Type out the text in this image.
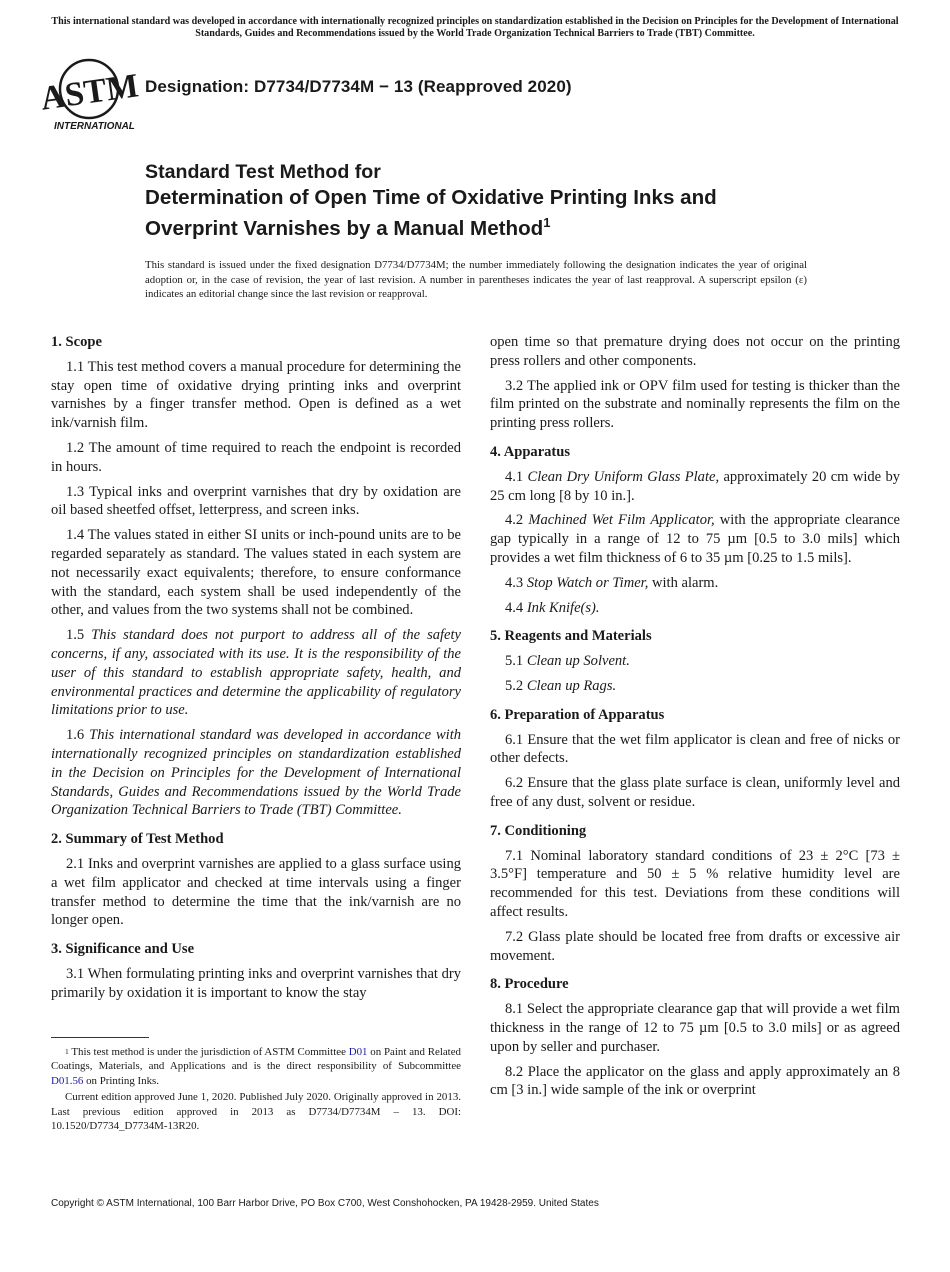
This international standard was developed in accordance with internationally recognized principles on standardization established in the Decision on Principles for the Development of International Standards, Guides and Recommendations issued by the World Trade Organization Technical Barriers to Trade (TBT) Committee.
ASTM
INTERNATIONAL
Designation: D7734/D7734M − 13 (Reapproved 2020)
Standard Test Method for
Determination of Open Time of Oxidative Printing Inks and
Overprint Varnishes by a Manual Method$^1$
This standard is issued under the fixed designation D7734/D7734M; the number immediately following the designation indicates the year of original adoption or, in the case of revision, the year of last revision. A number in parentheses indicates the year of last reapproval. A superscript epsilon (ε) indicates an editorial change since the last revision or reapproval.
1. Scope

1.1 This test method covers a manual procedure for determining the stay open time of oxidative drying printing inks and overprint varnishes by a finger transfer method. Open is defined as a wet ink/varnish film.

1.2 The amount of time required to reach the endpoint is recorded in hours.

1.3 Typical inks and overprint varnishes that dry by oxidation are oil based sheetfed offset, letterpress, and screen inks.

1.4 The values stated in either SI units or inch-pound units are to be regarded separately as standard. The values stated in each system are not necessarily exact equivalents; therefore, to ensure conformance with the standard, each system shall be used independently of the other, and values from the two systems shall not be combined.

1.5 This standard does not purport to address all of the safety concerns, if any, associated with its use. It is the responsibility of the user of this standard to establish appropriate safety, health, and environmental practices and determine the applicability of regulatory limitations prior to use.

1.6 This international standard was developed in accordance with internationally recognized principles on standardization established in the Decision on Principles for the Development of International Standards, Guides and Recommendations issued by the World Trade Organization Technical Barriers to Trade (TBT) Committee.

2. Summary of Test Method

2.1 Inks and overprint varnishes are applied to a glass surface using a wet film applicator and checked at time intervals using a finger transfer method to determine the time that the ink/varnish are no longer open.

3. Significance and Use

3.1 When formulating printing inks and overprint varnishes that dry primarily by oxidation it is important to know the stay

open time so that premature drying does not occur on the printing press rollers and other components.

3.2 The applied ink or OPV film used for testing is thicker than the film printed on the substrate and nominally represents the film on the printing press rollers.

4. Apparatus

4.1 Clean Dry Uniform Glass Plate, approximately 20 cm wide by 25 cm long [8 by 10 in.].

4.2 Machined Wet Film Applicator, with the appropriate clearance gap typically in a range of 12 to 75 µm [0.5 to 3.0 mils] which provides a wet film thickness of 6 to 35 µm [0.25 to 1.5 mils].

4.3 Stop Watch or Timer, with alarm.

4.4 Ink Knife(s).

5. Reagents and Materials

5.1 Clean up Solvent.

5.2 Clean up Rags.

6. Preparation of Apparatus

6.1 Ensure that the wet film applicator is clean and free of nicks or other defects.

6.2 Ensure that the glass plate surface is clean, uniformly level and free of any dust, solvent or residue.

7. Conditioning

7.1 Nominal laboratory standard conditions of 23 ± 2°C [73 ± 3.5°F] temperature and 50 ± 5 % relative humidity level are recommended for this test. Deviations from these conditions will affect results.

7.2 Glass plate should be located free from drafts or excessive air movement.

8. Procedure

8.1 Select the appropriate clearance gap that will provide a wet film thickness in the range of 12 to 75 µm [0.5 to 3.0 mils] or as agreed upon by seller and purchaser.

8.2 Place the applicator on the glass and apply approximately an 8 cm [3 in.] wide sample of the ink or overprint

$^1$ This test method is under the jurisdiction of ASTM Committee D01 on Paint and Related Coatings, Materials, and Applications and is the direct responsibility of Subcommittee D01.56 on Printing Inks.

Current edition approved June 1, 2020. Published July 2020. Originally approved in 2013. Last previous edition approved in 2013 as D7734/D7734M – 13. DOI: 10.1520/D7734_D7734M-13R20.

Copyright © ASTM International, 100 Barr Harbor Drive, PO Box C700, West Conshohocken, PA 19428-2959. United States
